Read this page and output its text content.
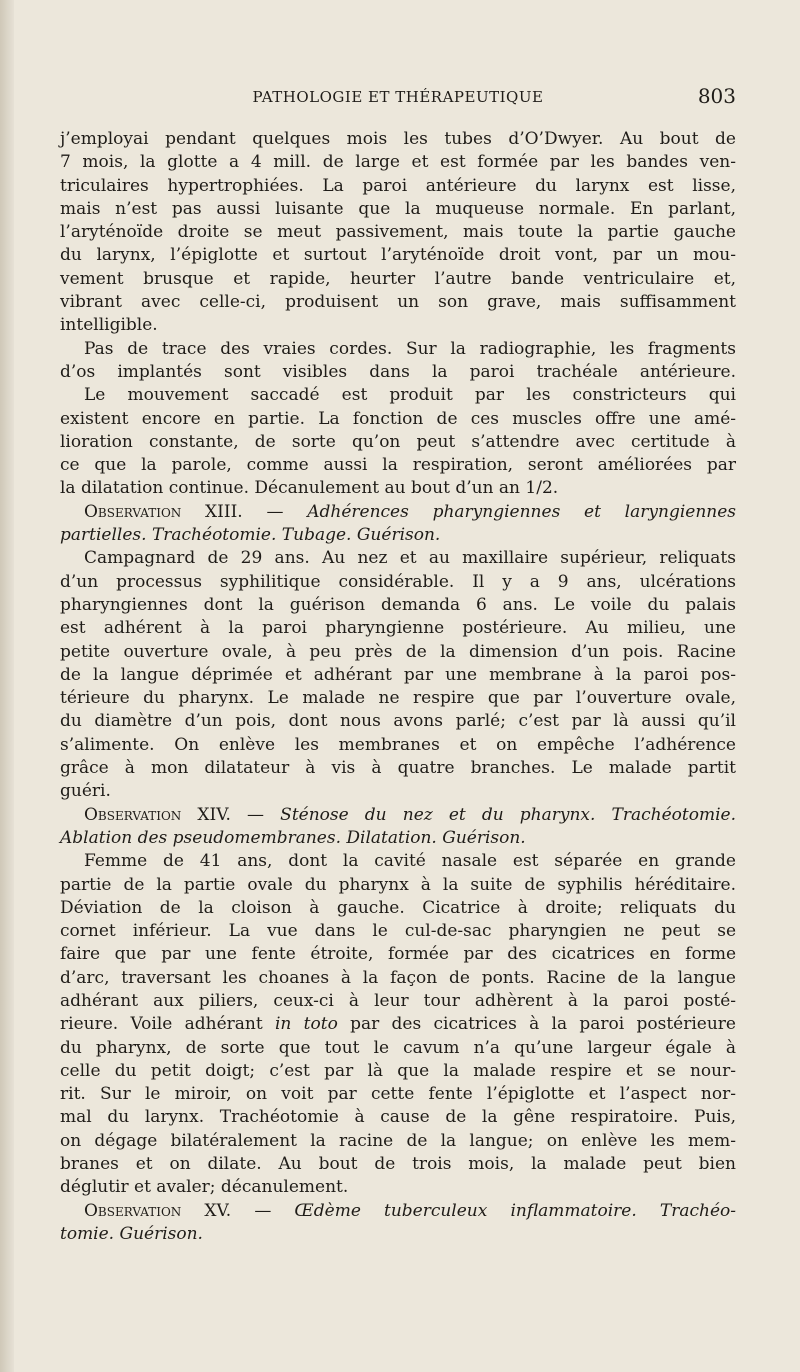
PATHOLOGIE ET THÉRAPEUTIQUE	803
j’employai pendant quelques mois les tubes d’O’Dwyer. Au bout de
7 mois, la glotte a 4 mill. de large et est formée par les bandes ven-
triculaires hypertrophiées. La paroi antérieure du larynx est lisse,
mais n’est pas aussi luisante que la muqueuse normale. En parlant,
l’aryténoïde droite se meut passivement, mais toute la partie gauche
du larynx, l’épiglotte et surtout l’aryténoïde droit vont, par un mou-
vement brusque et rapide, heurter l’autre bande ventriculaire et,
vibrant avec celle-ci, produisent un son grave, mais suffisamment
intelligible.
Pas de trace des vraies cordes. Sur la radiographie, les fragments
d’os implantés sont visibles dans la paroi trachéale antérieure.
Le mouvement saccadé est produit par les constricteurs qui
existent encore en partie. La fonction de ces muscles offre une amé-
lioration constante, de sorte qu’on peut s’attendre avec certitude à
ce que la parole, comme aussi la respiration, seront améliorées par
la dilatation continue. Décanulement au bout d’un an 1/2.
Observation XIII. — Adhérences pharyngiennes et laryngiennes
partielles. Trachéotomie. Tubage. Guérison.
Campagnard de 29 ans. Au nez et au maxillaire supérieur, reliquats
d’un processus syphilitique considérable. Il y a 9 ans, ulcérations
pharyngiennes dont la guérison demanda 6 ans. Le voile du palais
est adhérent à la paroi pharyngienne postérieure. Au milieu, une
petite ouverture ovale, à peu près de la dimension d’un pois. Racine
de la langue déprimée et adhérant par une membrane à la paroi pos-
térieure du pharynx. Le malade ne respire que par l’ouverture ovale,
du diamètre d’un pois, dont nous avons parlé; c’est par là aussi qu’il
s’alimente. On enlève les membranes et on empêche l’adhérence
grâce à mon dilatateur à vis à quatre branches. Le malade partit
guéri.
Observation XIV. — Sténose du nez et du pharynx. Trachéotomie.
Ablation des pseudomembranes. Dilatation. Guérison.
Femme de 41 ans, dont la cavité nasale est séparée en grande
partie de la partie ovale du pharynx à la suite de syphilis héréditaire.
Déviation de la cloison à gauche. Cicatrice à droite; reliquats du
cornet inférieur. La vue dans le cul-de-sac pharyngien ne peut se
faire que par une fente étroite, formée par des cicatrices en forme
d’arc, traversant les choanes à la façon de ponts. Racine de la langue
adhérant aux piliers, ceux-ci à leur tour adhèrent à la paroi posté-
rieure. Voile adhérant in toto par des cicatrices à la paroi postérieure
du pharynx, de sorte que tout le cavum n’a qu’une largeur égale à
celle du petit doigt; c’est par là que la malade respire et se nour-
rit. Sur le miroir, on voit par cette fente l’épiglotte et l’aspect nor-
mal du larynx. Trachéotomie à cause de la gêne respiratoire. Puis,
on dégage bilatéralement la racine de la langue; on enlève les mem-
branes et on dilate. Au bout de trois mois, la malade peut bien
déglutir et avaler; décanulement.
Observation XV. — Œdème tuberculeux inflammatoire. Trachéo-
tomie. Guérison.
